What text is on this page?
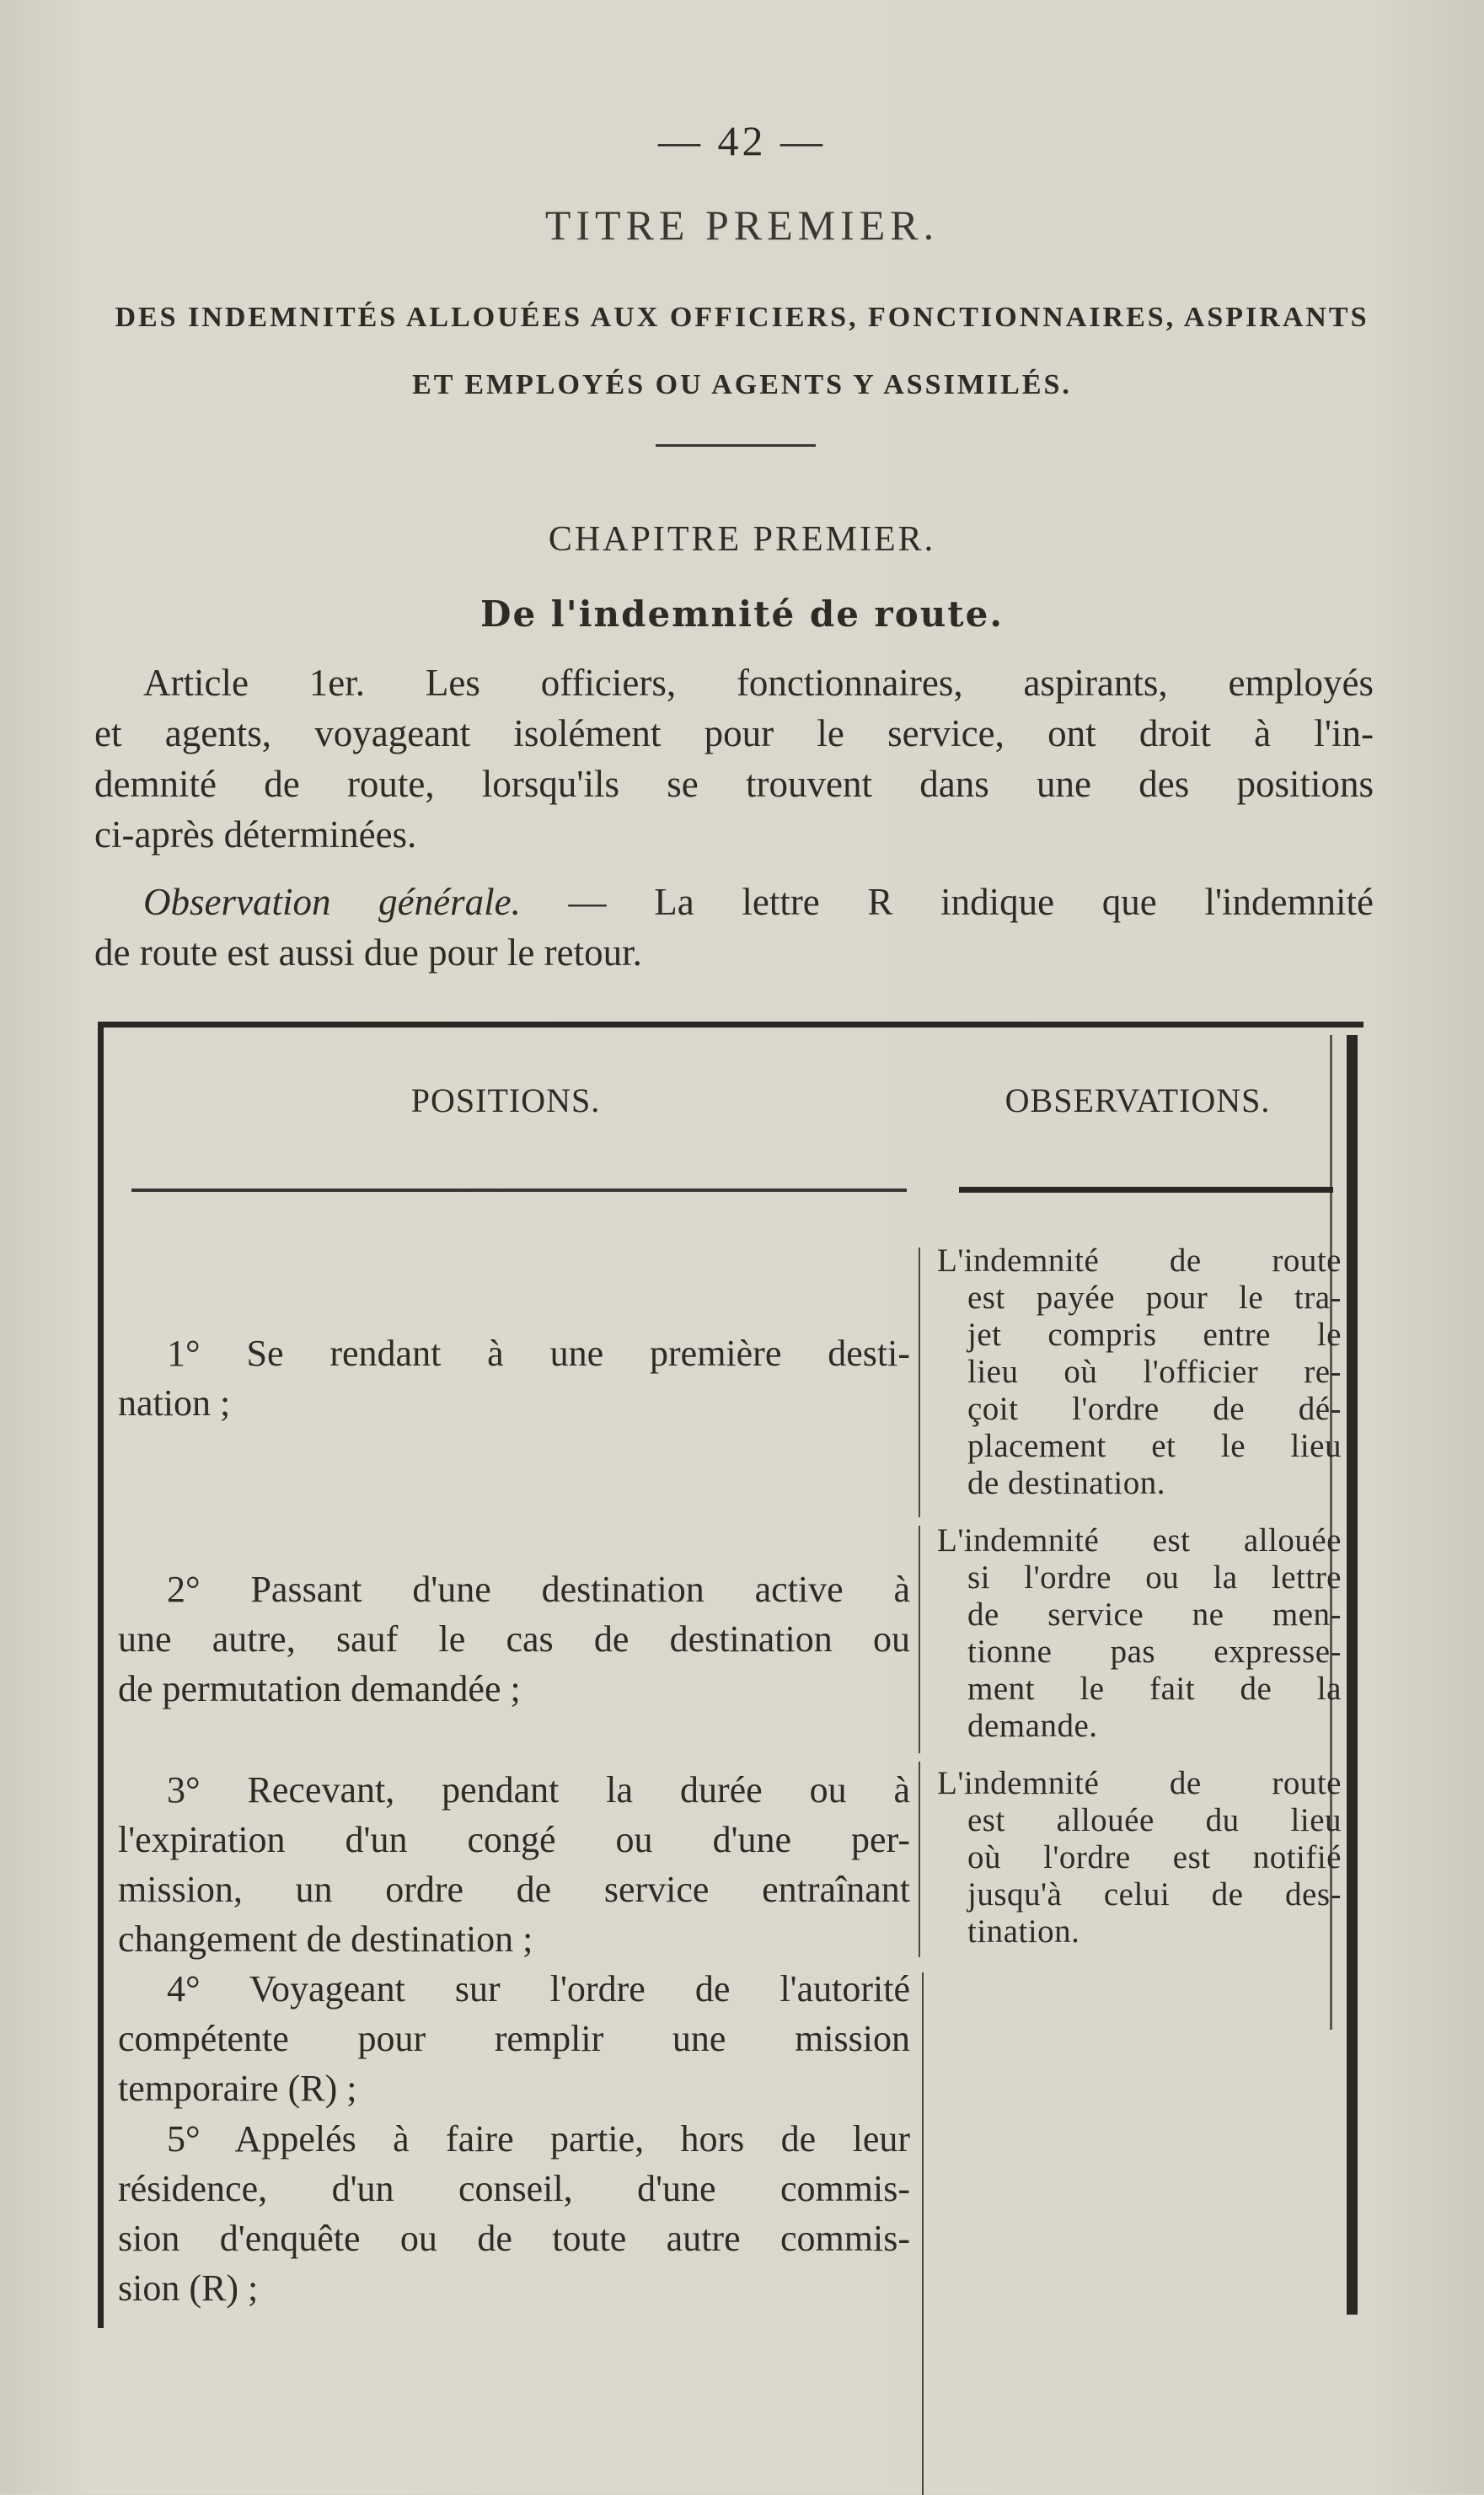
— 42 —
TITRE PREMIER.
DES INDEMNITÉS ALLOUÉES AUX OFFICIERS, FONCTIONNAIRES, ASPIRANTS
ET EMPLOYÉS OU AGENTS Y ASSIMILÉS.
CHAPITRE PREMIER.
De l'indemnité de route.
Article 1er. Les officiers, fonctionnaires, aspirants, employés
et agents, voyageant isolément pour le service, ont droit à l'in-
demnité de route, lorsqu'ils se trouvent dans une des positions
ci-après déterminées.
Observation générale. — La lettre R indique que l'indemnité
de route est aussi due pour le retour.
POSITIONS.	OBSERVATIONS.
1° Se rendant à une première desti-
nation ;
2° Passant d'une destination active à
une autre, sauf le cas de destination ou
de permutation demandée ;
3° Recevant, pendant la durée ou à
l'expiration d'un congé ou d'une per-
mission, un ordre de service entraînant
changement de destination ;
4° Voyageant sur l'ordre de l'autorité
compétente pour remplir une mission
temporaire (R) ;
5° Appelés à faire partie, hors de leur
résidence, d'un conseil, d'une commis-
sion d'enquête ou de toute autre commis-
sion (R) ;
L'indemnité de route
est payée pour le tra-
jet compris entre le
lieu où l'officier re-
çoit l'ordre de dé-
placement et le lieu
de destination.
L'indemnité est allouée
si l'ordre ou la lettre
de service ne men-
tionne pas expresse-
ment le fait de la
demande.
L'indemnité de route
est allouée du lieu
où l'ordre est notifié
jusqu'à celui de des-
tination.
